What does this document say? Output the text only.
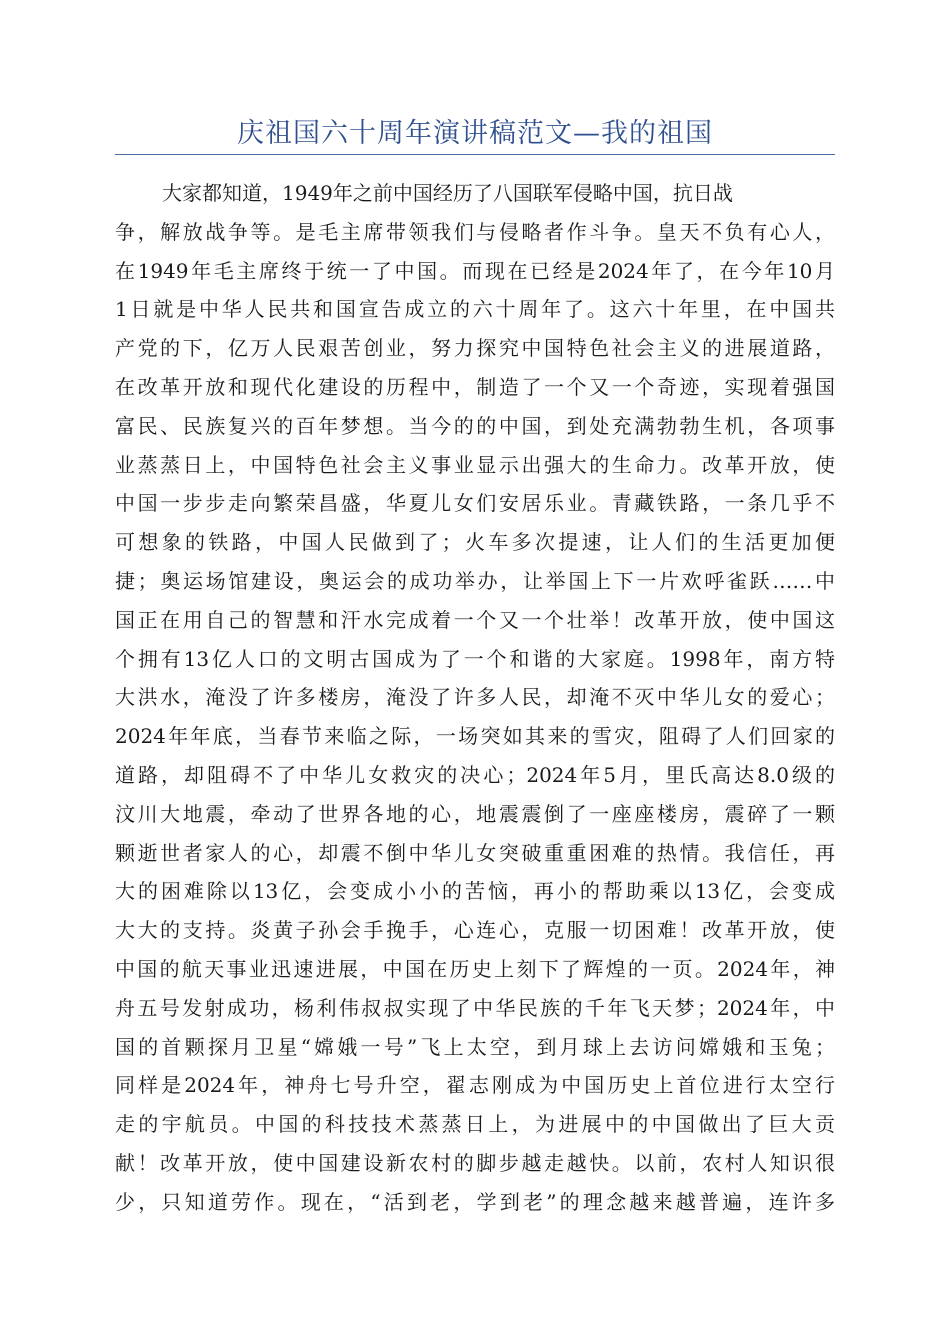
庆祖国六十周年演讲稿范文—我的祖国
大家都知道，1949年之前中国经历了八国联军侵略中国，抗日战
争，解放战争等。是毛主席带领我们与侵略者作斗争。皇天不负有心人，
在1949年毛主席终于统一了中国。而现在已经是2024年了，在今年10月
1日就是中华人民共和国宣告成立的六十周年了。这六十年里，在中国共
产党的下，亿万人民艰苦创业，努力探究中国特色社会主义的进展道路，
在改革开放和现代化建设的历程中，制造了一个又一个奇迹，实现着强国
富民、民族复兴的百年梦想。当今的的中国，到处充满勃勃生机，各项事
业蒸蒸日上，中国特色社会主义事业显示出强大的生命力。改革开放，使
中国一步步走向繁荣昌盛，华夏儿女们安居乐业。青藏铁路，一条几乎不
可想象的铁路，中国人民做到了；火车多次提速，让人们的生活更加便
捷；奥运场馆建设，奥运会的成功举办，让举国上下一片欢呼雀跃……中
国正在用自己的智慧和汗水完成着一个又一个壮举！改革开放，使中国这
个拥有13亿人口的文明古国成为了一个和谐的大家庭。1998年，南方特
大洪水，淹没了许多楼房，淹没了许多人民，却淹不灭中华儿女的爱心；
2024年年底，当春节来临之际，一场突如其来的雪灾，阻碍了人们回家的
道路，却阻碍不了中华儿女救灾的决心；2024年5月，里氏高达8.0级的
汶川大地震，牵动了世界各地的心，地震震倒了一座座楼房，震碎了一颗
颗逝世者家人的心，却震不倒中华儿女突破重重困难的热情。我信任，再
大的困难除以13亿，会变成小小的苦恼，再小的帮助乘以13亿，会变成
大大的支持。炎黄子孙会手挽手，心连心，克服一切困难！改革开放，使
中国的航天事业迅速进展，中国在历史上刻下了辉煌的一页。2024年，神
舟五号发射成功，杨利伟叔叔实现了中华民族的千年飞天梦；2024年，中
国的首颗探月卫星“嫦娥一号”飞上太空，到月球上去访问嫦娥和玉兔；
同样是2024年，神舟七号升空，翟志刚成为中国历史上首位进行太空行
走的宇航员。中国的科技技术蒸蒸日上，为进展中的中国做出了巨大贡
献！改革开放，使中国建设新农村的脚步越走越快。以前，农村人知识很
少，只知道劳作。现在，“活到老，学到老”的理念越来越普遍，连许多
